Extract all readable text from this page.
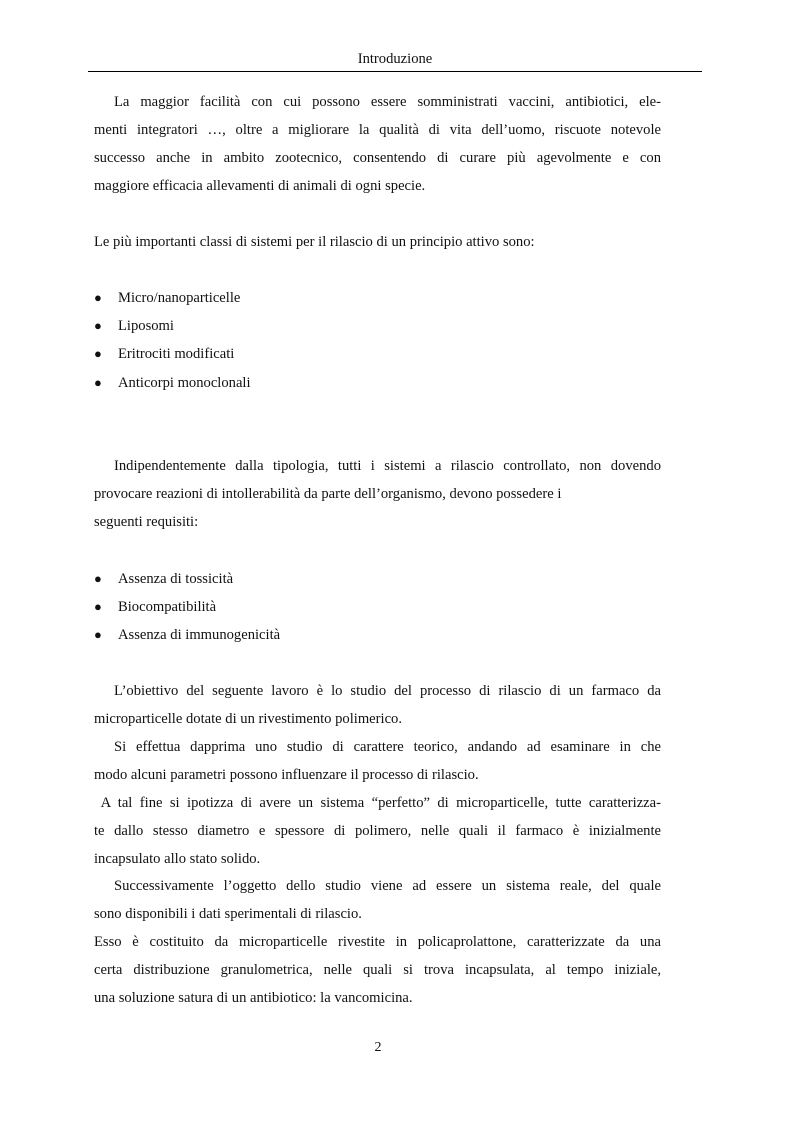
Introduzione
La maggior facilità con cui possono essere somministrati vaccini, antibiotici, ele-
menti integratori …, oltre a migliorare la qualità di vita dell’uomo, riscuote notevole
successo anche in ambito zootecnico, consentendo di curare più agevolmente e con
maggiore efficacia allevamenti di animali di ogni specie.
Le più importanti classi di sistemi per il rilascio di un principio attivo sono:
● Micro/nanoparticelle
● Liposomi
● Eritrociti modificati
● Anticorpi monoclonali
Indipendentemente dalla tipologia, tutti i sistemi a rilascio controllato, non dovendo
provocare reazioni di intollerabilità da parte dell’organismo, devono possedere i
seguenti requisiti:
● Assenza di tossicità
● Biocompatibilità
● Assenza di immunogenicità
L’obiettivo del seguente lavoro è lo studio del processo di rilascio di un farmaco da
microparticelle dotate di un rivestimento polimerico.
Si effettua dapprima uno studio di carattere teorico, andando ad esaminare in che
modo alcuni parametri possono influenzare il processo di rilascio.
A tal fine si ipotizza di avere un sistema “perfetto” di microparticelle, tutte caratterizza-
te dallo stesso diametro e spessore di polimero, nelle quali il farmaco è inizialmente
incapsulato allo stato solido.
Successivamente l’oggetto dello studio viene ad essere un sistema reale, del quale
sono disponibili i dati sperimentali di rilascio.
Esso è costituito da microparticelle rivestite in policaprolattone, caratterizzate da una
certa distribuzione granulometrica, nelle quali si trova incapsulata, al tempo iniziale,
una soluzione satura di un antibiotico: la vancomicina.
2
